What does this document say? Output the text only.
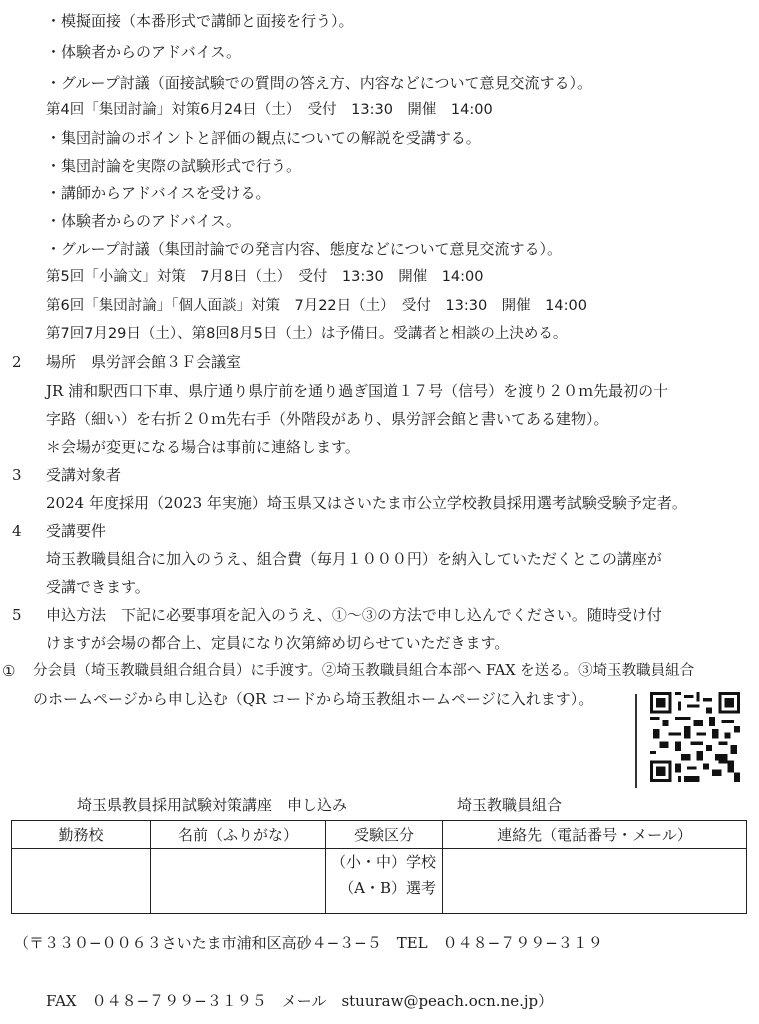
・模擬面接（本番形式で講師と面接を行う）。
・体験者からのアドバイス。
・グループ討議（面接試験での質問の答え方、内容などについて意見交流する）。
第4回「集団討論」対策6月24日（土）　受付　13:30　開催　14:00
・集団討論のポイントと評価の観点についての解説を受講する。
・集団討論を実際の試験形式で行う。
・講師からアドバイスを受ける。
・体験者からのアドバイス。
・グループ討議（集団討論での発言内容、態度などについて意見交流する）。
第5回「小論文」対策　7月8日（土）　受付　13:30　開催　14:00
第6回「集団討論」「個人面談」対策　7月22日（土）　受付　13:30　開催　14:00
第7回7月29日（土）、第8回8月5日（土）は予備日。受講者と相談の上決める。
2 場所　県労評会館３Ｆ会議室
JR 浦和駅西口下車、県庁通り県庁前を通り過ぎ国道１７号（信号）を渡り２０ｍ先最初の十
字路（細い）を右折２０ｍ先右手（外階段があり、県労評会館と書いてある建物）。
＊会場が変更になる場合は事前に連絡します。
3 受講対象者
2024 年度採用（2023 年実施）埼玉県又はさいたま市公立学校教員採用選考試験受験予定者。
4 受講要件
埼玉教職員組合に加入のうえ、組合費（毎月１０００円）を納入していただくとこの講座が
受講できます。
5 申込方法　下記に必要事項を記入のうえ、①〜③の方法で申し込んでください。随時受け付
けますが会場の都合上、定員になり次第締め切らせていただきます。
① 分会員（埼玉教職員組合組合員）に手渡す。②埼玉教職員組合本部へ FAX を送る。③埼玉教職員組合
のホームページから申し込む（QR コードから埼玉教組ホームページに入れます）。
埼玉県教員採用試験対策講座　申し込み	埼玉教職員組合
勤務校	名前（ふりがな）	受験区分	連絡先（電話番号・メール）

		（小・中）学校
（A・B）選考	

（〒３３０−００６３さいたま市浦和区高砂４−３−５　TEL　０４８−７９９−３１９
FAX　０４８−７９９−３１９５　メール　stuuraw@peach.ocn.ne.jp）
